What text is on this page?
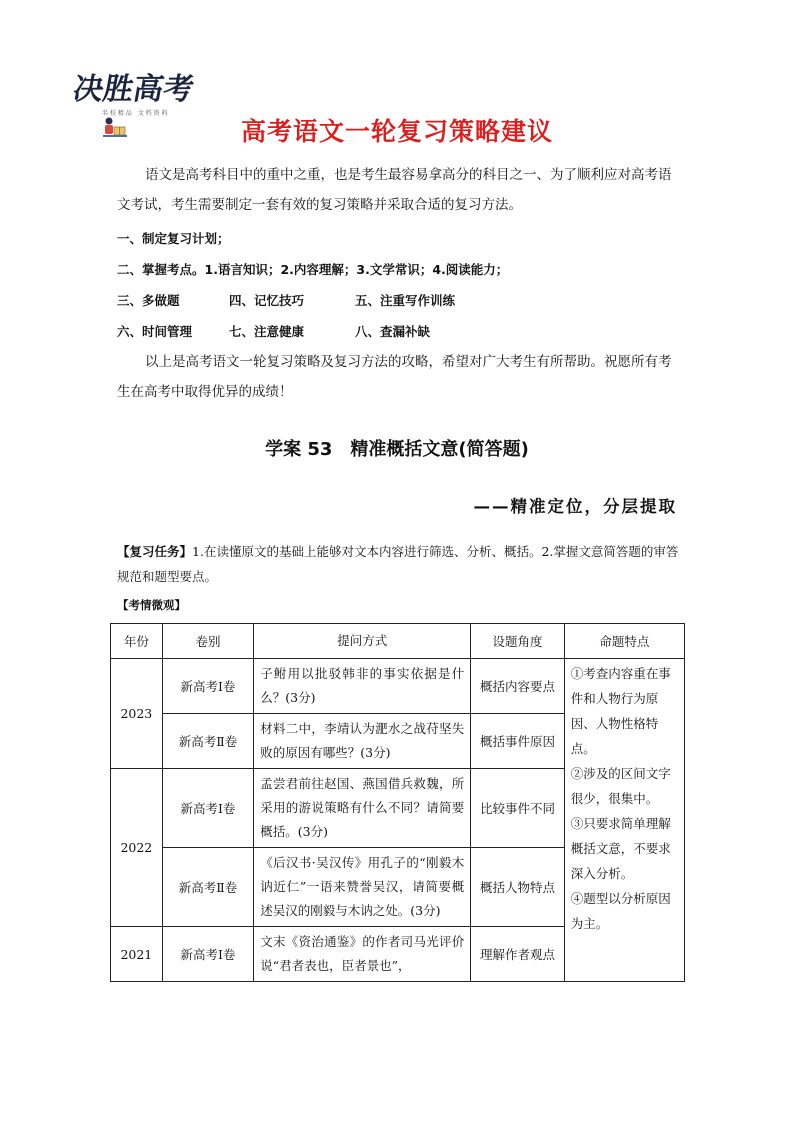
决胜高考
名 校 精 品　文 档 资 料
高考语文一轮复习策略建议
语文是高考科目中的重中之重，也是考生最容易拿高分的科目之一、为了顺利应对高考语文考试，考生需要制定一套有效的复习策略并采取合适的复习方法。
一、制定复习计划；
二、掌握考点。1.语言知识；2.内容理解；3.文学常识；4.阅读能力；
三、多做题	四、记忆技巧	五、注重写作训练
六、时间管理	七、注意健康	八、查漏补缺
以上是高考语文一轮复习策略及复习方法的攻略，希望对广大考生有所帮助。祝愿所有考生在高考中取得优异的成绩！
学案 53　精准概括文意(简答题)
——精准定位，分层提取
【复习任务】1.在读懂原文的基础上能够对文本内容进行筛选、分析、概括。2.掌握文意简答题的审答规范和题型要点。
【考情微观】
年份	卷别	提问方式	设题角度	命题特点
2023	新高考Ⅰ卷	子鲋用以批驳韩非的事实依据是什么？(3分)	概括内容要点	①考查内容重在事件和人物行为原因、人物性格特点。

②涉及的区间文字很少，很集中。

③只要求简单理解概括文意，不要求深入分析。

④题型以分析原因为主。

	新高考Ⅱ卷	材料二中，李靖认为淝水之战苻坚失败的原因有哪些？(3分)	概括事件原因	
2022	新高考Ⅰ卷	孟尝君前往赵国、燕国借兵救魏，所采用的游说策略有什么不同？请简要概括。(3分)	比较事件不同	
	新高考Ⅱ卷	《后汉书·吴汉传》用孔子的“刚毅木讷近仁”一语来赞誉吴汉，请简要概述吴汉的刚毅与木讷之处。(3分)	概括人物特点	
2021	新高考Ⅰ卷	文末《资治通鉴》的作者司马光评价说“君者表也，臣者景也”，	理解作者观点	
